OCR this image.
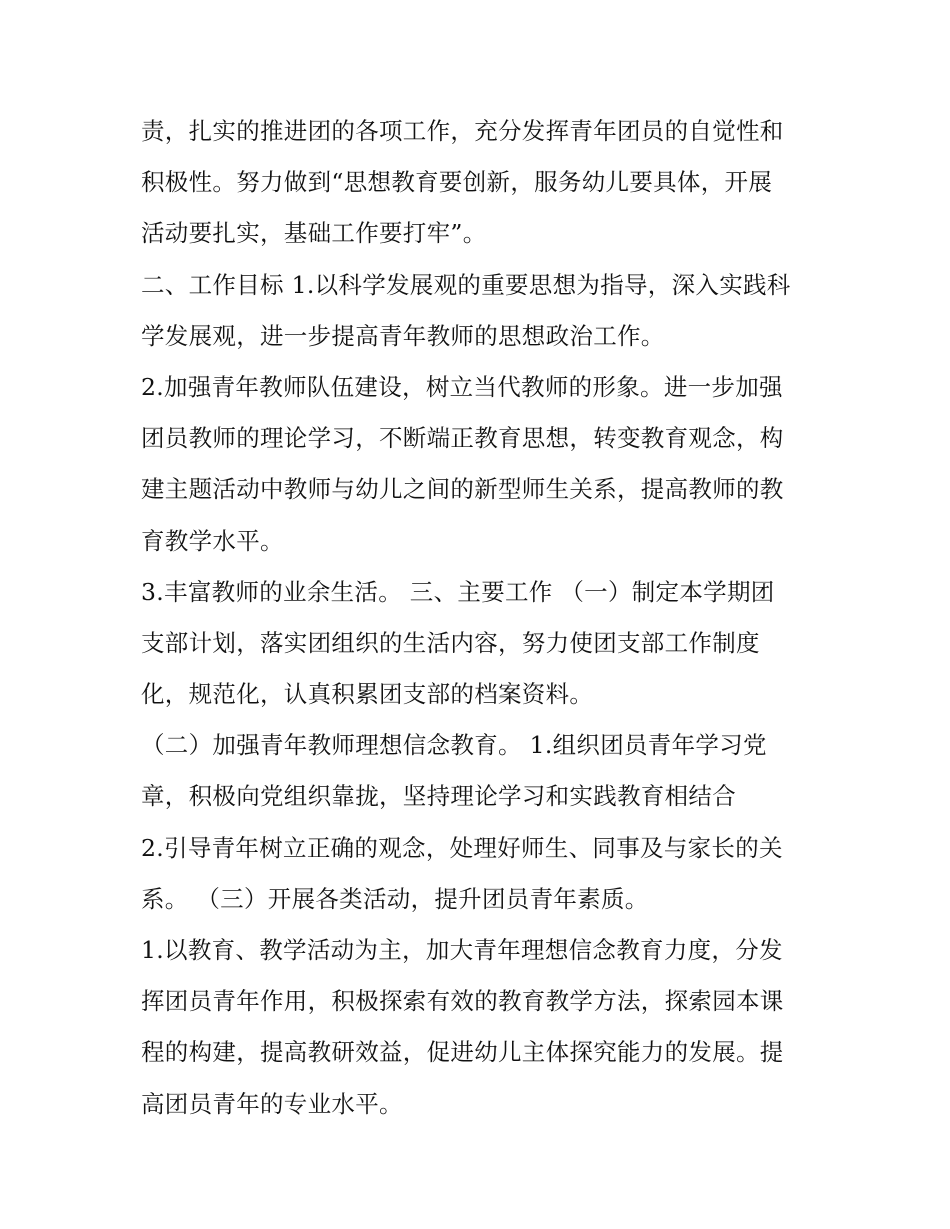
责，扎实的推进团的各项工作，充分发挥青年团员的自觉性和
积极性。努力做到“思想教育要创新，服务幼儿要具体，开展
活动要扎实，基础工作要打牢”。
二、工作目标 1.以科学发展观的重要思想为指导，深入实践科
学发展观，进一步提高青年教师的思想政治工作。
2.加强青年教师队伍建设，树立当代教师的形象。进一步加强
团员教师的理论学习，不断端正教育思想，转变教育观念，构
建主题活动中教师与幼儿之间的新型师生关系，提高教师的教
育教学水平。
3.丰富教师的业余生活。 三、主要工作 （一）制定本学期团
支部计划，落实团组织的生活内容，努力使团支部工作制度
化，规范化，认真积累团支部的档案资料。
（二）加强青年教师理想信念教育。 1.组织团员青年学习党
章，积极向党组织靠拢，坚持理论学习和实践教育相结合
2.引导青年树立正确的观念，处理好师生、同事及与家长的关
系。 （三）开展各类活动，提升团员青年素质。
1.以教育、教学活动为主，加大青年理想信念教育力度，分发
挥团员青年作用，积极探索有效的教育教学方法，探索园本课
程的构建，提高教研效益，促进幼儿主体探究能力的发展。提
高团员青年的专业水平。
